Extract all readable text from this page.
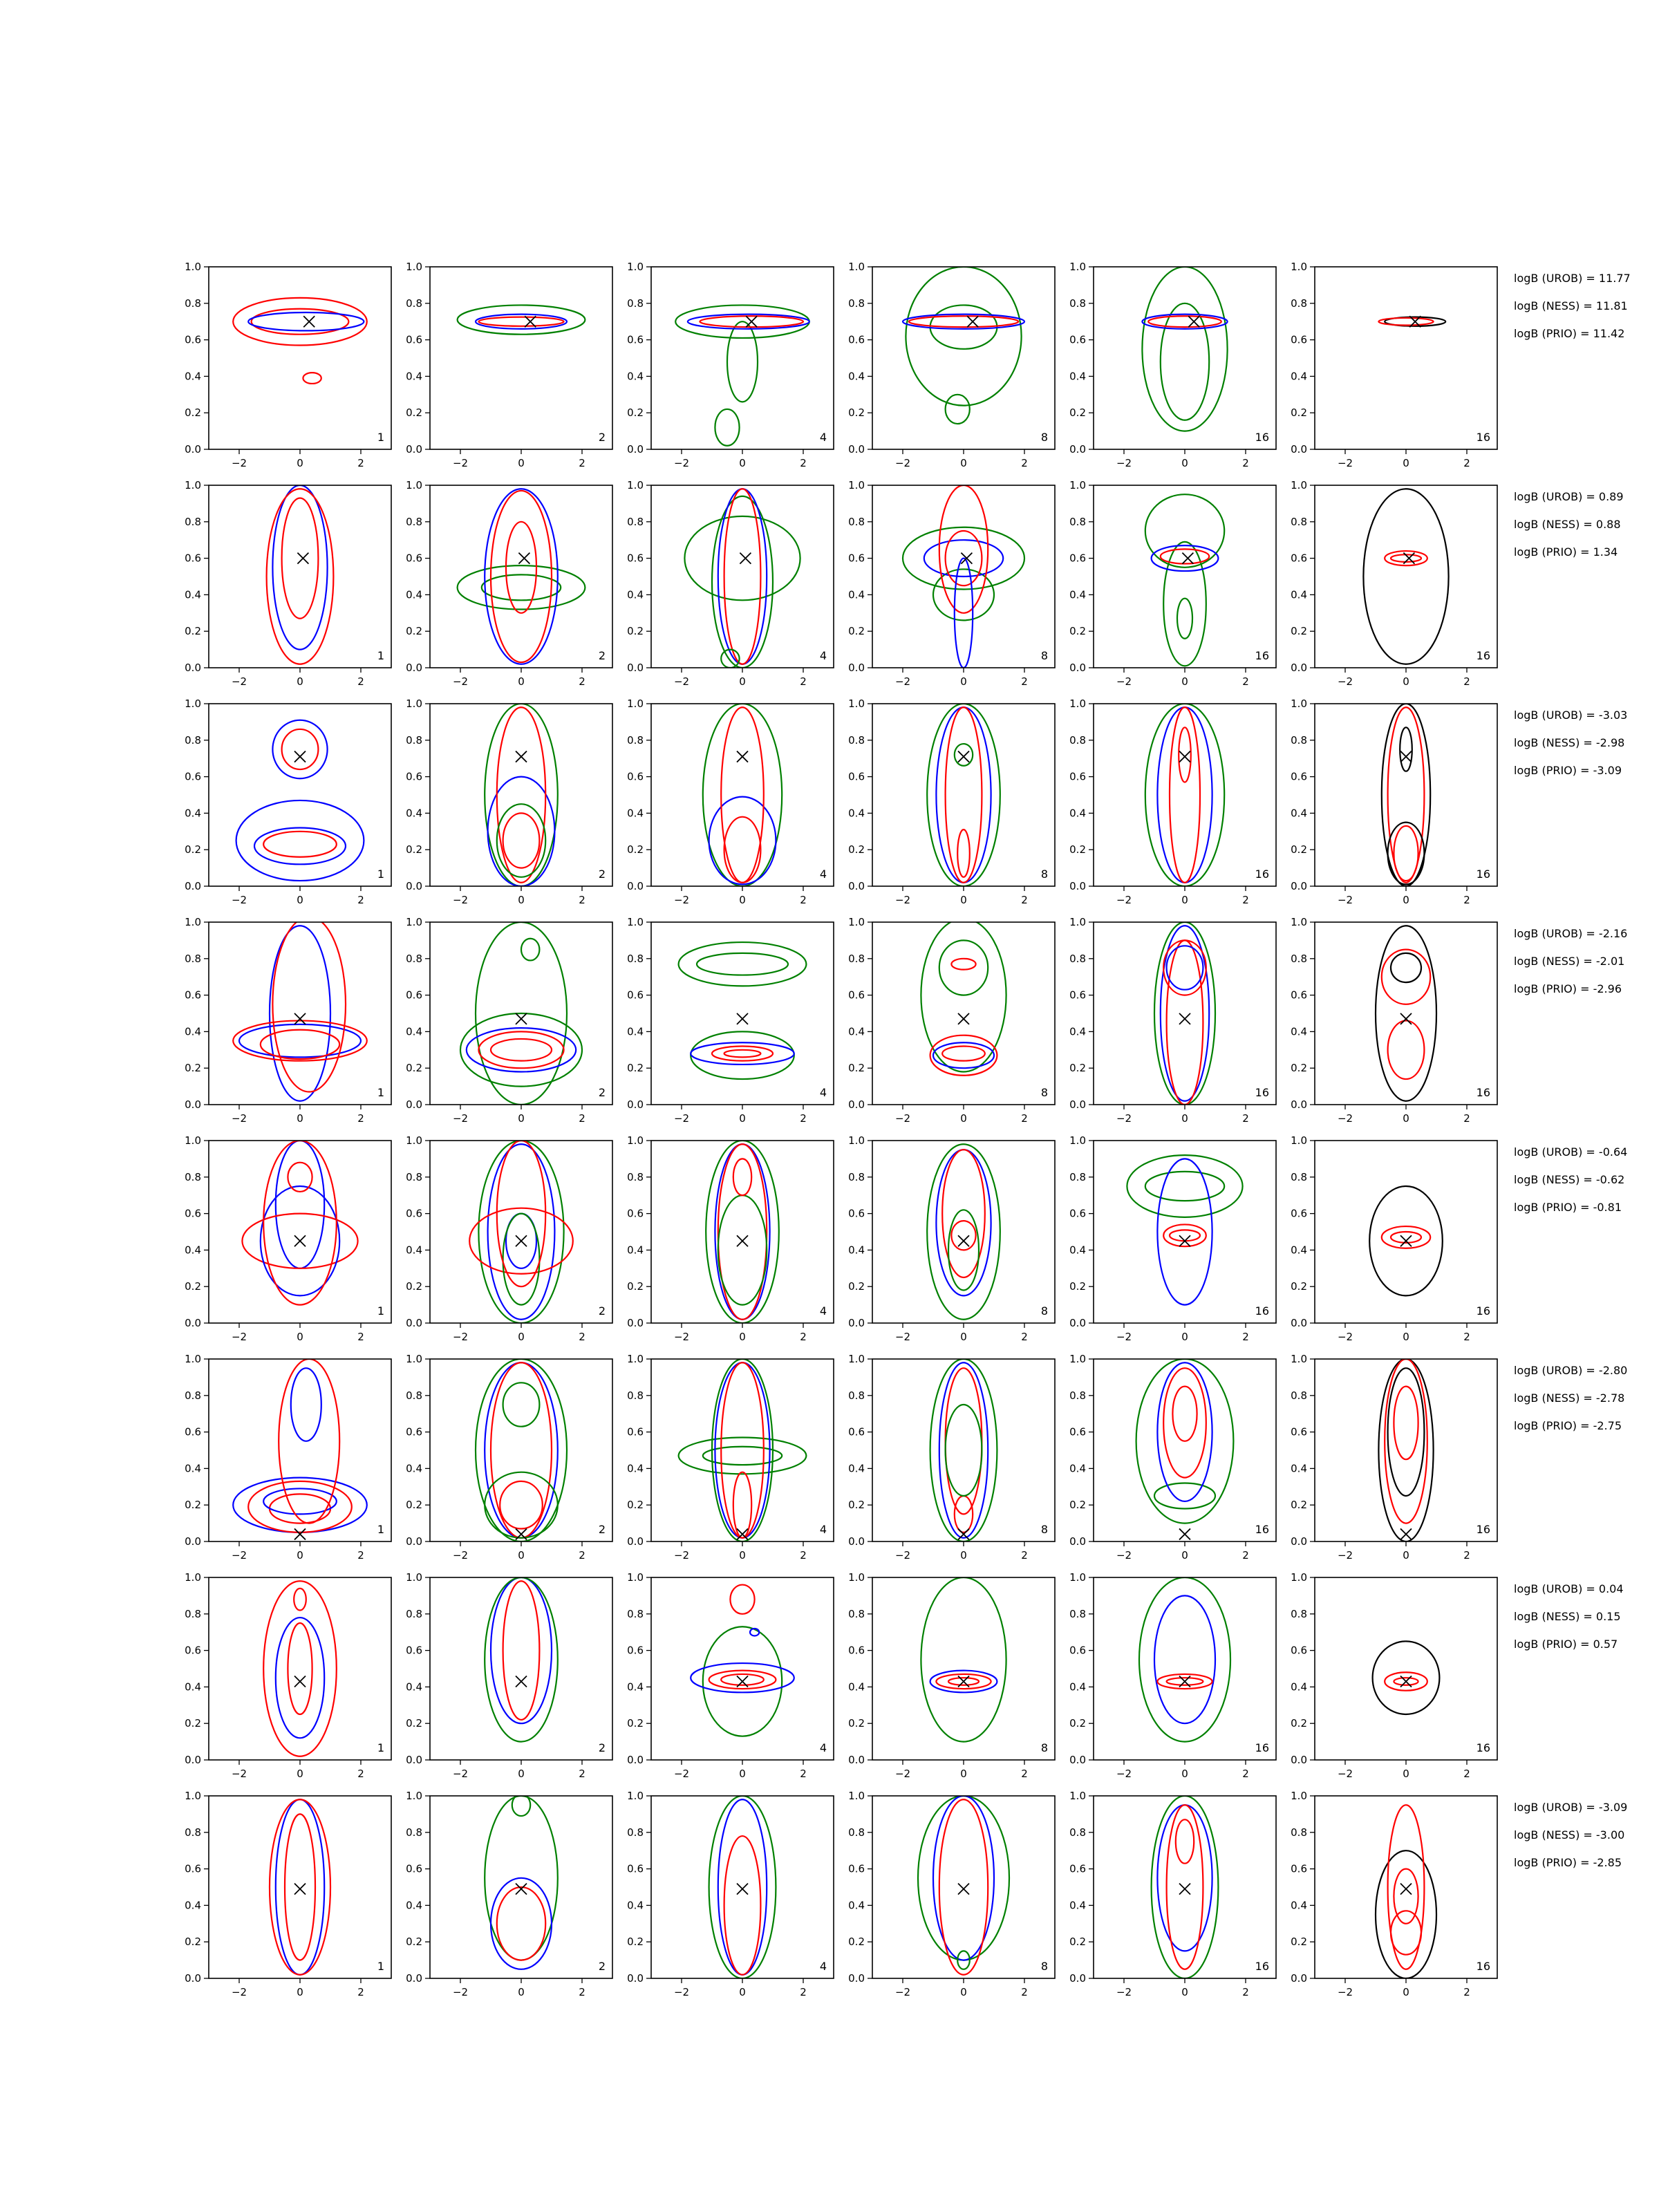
−2	0	2
0.0
0.2
0.4
0.6
0.8
1.0
1
−2	0	2
0.0
0.2
0.4
0.6
0.8
1.0
2
−2	0	2
0.0
0.2
0.4
0.6
0.8
1.0
4
−2	0	2
0.0
0.2
0.4
0.6
0.8
1.0
8
−2	0	2
0.0
0.2
0.4
0.6
0.8
1.0
16
−2	0	2
0.0
0.2
0.4
0.6
0.8
1.0
16
−2	0	2
0.0
0.2
0.4
0.6
0.8
1.0
1
−2	0	2
0.0
0.2
0.4
0.6
0.8
1.0
2
−2	0	2
0.0
0.2
0.4
0.6
0.8
1.0
4
−2	0	2
0.0
0.2
0.4
0.6
0.8
1.0
8
−2	0	2
0.0
0.2
0.4
0.6
0.8
1.0
16
−2	0	2
0.0
0.2
0.4
0.6
0.8
1.0
16
−2	0	2
0.0
0.2
0.4
0.6
0.8
1.0
1
−2	0	2
0.0
0.2
0.4
0.6
0.8
1.0
2
−2	0	2
0.0
0.2
0.4
0.6
0.8
1.0
4
−2	0	2
0.0
0.2
0.4
0.6
0.8
1.0
8
−2	0	2
0.0
0.2
0.4
0.6
0.8
1.0
16
−2	0	2
0.0
0.2
0.4
0.6
0.8
1.0
16
−2	0	2
0.0
0.2
0.4
0.6
0.8
1.0
1
−2	0	2
0.0
0.2
0.4
0.6
0.8
1.0
2
−2	0	2
0.0
0.2
0.4
0.6
0.8
1.0
4
−2	0	2
0.0
0.2
0.4
0.6
0.8
1.0
8
−2	0	2
0.0
0.2
0.4
0.6
0.8
1.0
16
−2	0	2
0.0
0.2
0.4
0.6
0.8
1.0
16
−2	0	2
0.0
0.2
0.4
0.6
0.8
1.0
1
−2	0	2
0.0
0.2
0.4
0.6
0.8
1.0
2
−2	0	2
0.0
0.2
0.4
0.6
0.8
1.0
4
−2	0	2
0.0
0.2
0.4
0.6
0.8
1.0
8
−2	0	2
0.0
0.2
0.4
0.6
0.8
1.0
16
−2	0	2
0.0
0.2
0.4
0.6
0.8
1.0
16
−2	0	2
0.0
0.2
0.4
0.6
0.8
1.0
1
−2	0	2
0.0
0.2
0.4
0.6
0.8
1.0
2
−2	0	2
0.0
0.2
0.4
0.6
0.8
1.0
4
−2	0	2
0.0
0.2
0.4
0.6
0.8
1.0
8
−2	0	2
0.0
0.2
0.4
0.6
0.8
1.0
16
−2	0	2
0.0
0.2
0.4
0.6
0.8
1.0
16
−2	0	2
0.0
0.2
0.4
0.6
0.8
1.0
1
−2	0	2
0.0
0.2
0.4
0.6
0.8
1.0
2
−2	0	2
0.0
0.2
0.4
0.6
0.8
1.0
4
−2	0	2
0.0
0.2
0.4
0.6
0.8
1.0
8
−2	0	2
0.0
0.2
0.4
0.6
0.8
1.0
16
−2	0	2
0.0
0.2
0.4
0.6
0.8
1.0
16
−2	0	2
0.0
0.2
0.4
0.6
0.8
1.0
1
−2	0	2
0.0
0.2
0.4
0.6
0.8
1.0
2
−2	0	2
0.0
0.2
0.4
0.6
0.8
1.0
4
−2	0	2
0.0
0.2
0.4
0.6
0.8
1.0
8
−2	0	2
0.0
0.2
0.4
0.6
0.8
1.0
16
−2	0	2
0.0
0.2
0.4
0.6
0.8
1.0
16
logB (UROB) = 11.77
logB (NESS) = 11.81
logB (PRIO) = 11.42
logB (UROB) = 0.89
logB (NESS) = 0.88
logB (PRIO) = 1.34
logB (UROB) = -3.03
logB (NESS) = -2.98
logB (PRIO) = -3.09
logB (UROB) = -2.16
logB (NESS) = -2.01
logB (PRIO) = -2.96
logB (UROB) = -0.64
logB (NESS) = -0.62
logB (PRIO) = -0.81
logB (UROB) = -2.80
logB (NESS) = -2.78
logB (PRIO) = -2.75
logB (UROB) = 0.04
logB (NESS) = 0.15
logB (PRIO) = 0.57
logB (UROB) = -3.09
logB (NESS) = -3.00
logB (PRIO) = -2.85
